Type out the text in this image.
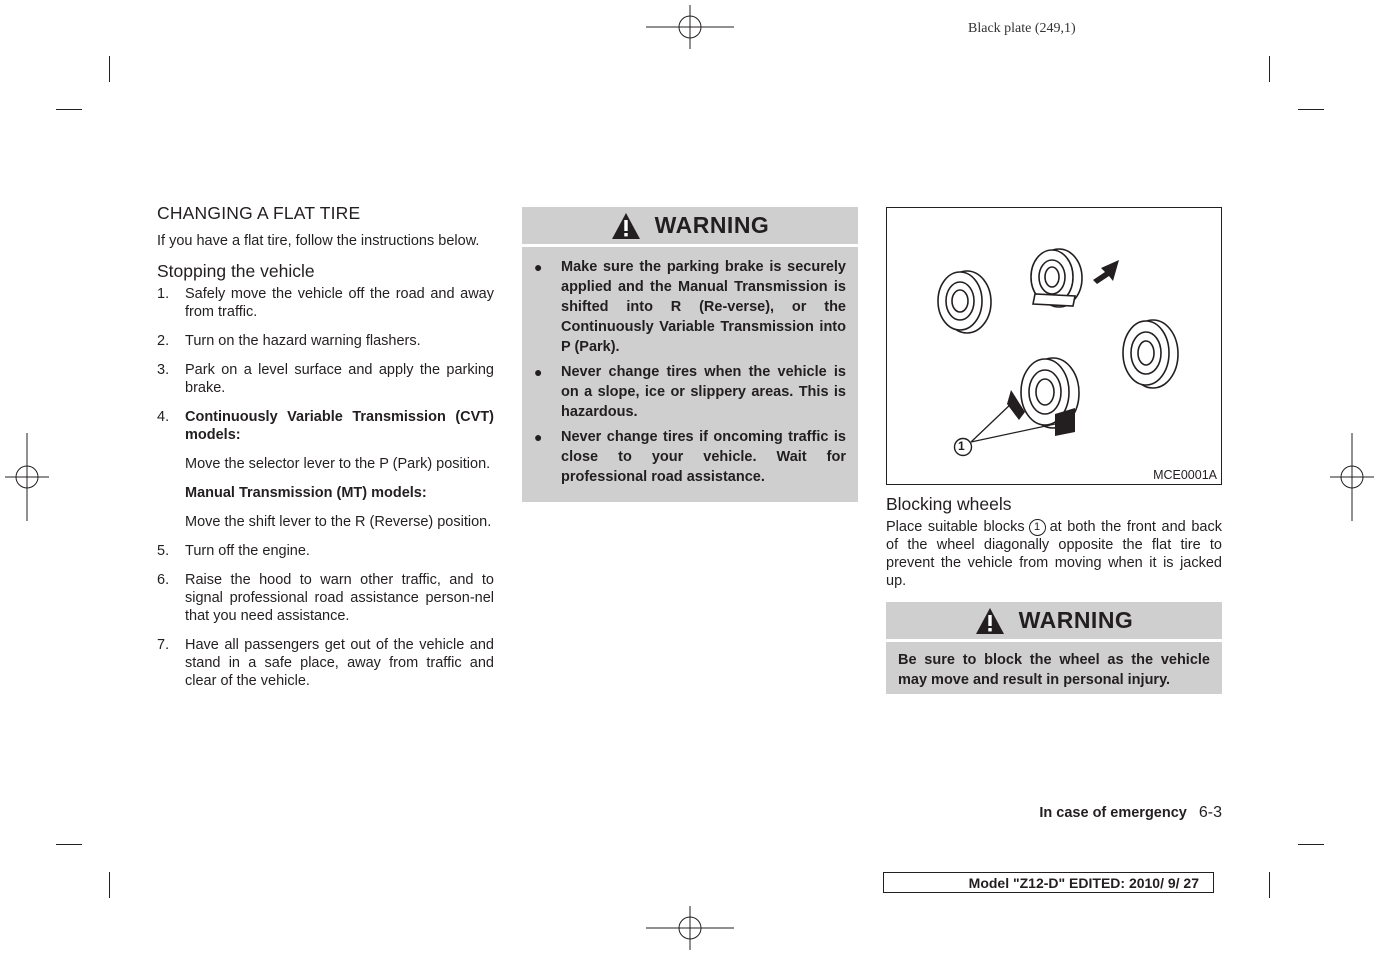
Black plate (249,1)
CHANGING A FLAT TIRE

If you have a flat tire, follow the instructions below.

Stopping the vehicle
1.	Safely move the vehicle off the road and away from traffic.
2.	Turn on the hazard warning flashers.
3.	Park on a level surface and apply the parking brake.
4.	Continuously Variable Transmission (CVT) models:
Move the selector lever to the P (Park) position.
Manual Transmission (MT) models:
Move the shift lever to the R (Reverse) position.
5.	Turn off the engine.
6.	Raise the hood to warn other traffic, and to signal professional road assistance person-nel that you need assistance.
7.	Have all passengers get out of the vehicle and stand in a safe place, away from traffic and clear of the vehicle.
WARNING
●	Make sure the parking brake is securely applied and the Manual Transmission is shifted into R (Re-verse), or the Continuously Variable Transmission into P (Park).
●	Never change tires when the vehicle is on a slope, ice or slippery areas. This is hazardous.
●	Never change tires if oncoming traffic is close to your vehicle. Wait for professional road assistance.
1
MCE0001A
Blocking wheels

Place suitable blocks 1 at both the front and back of the wheel diagonally opposite the flat tire to prevent the vehicle from moving when it is jacked up.

WARNING
Be sure to block the wheel as the vehicle may move and result in personal injury.
In case of emergency 6-3
Model "Z12-D" EDITED: 2010/ 9/ 27
